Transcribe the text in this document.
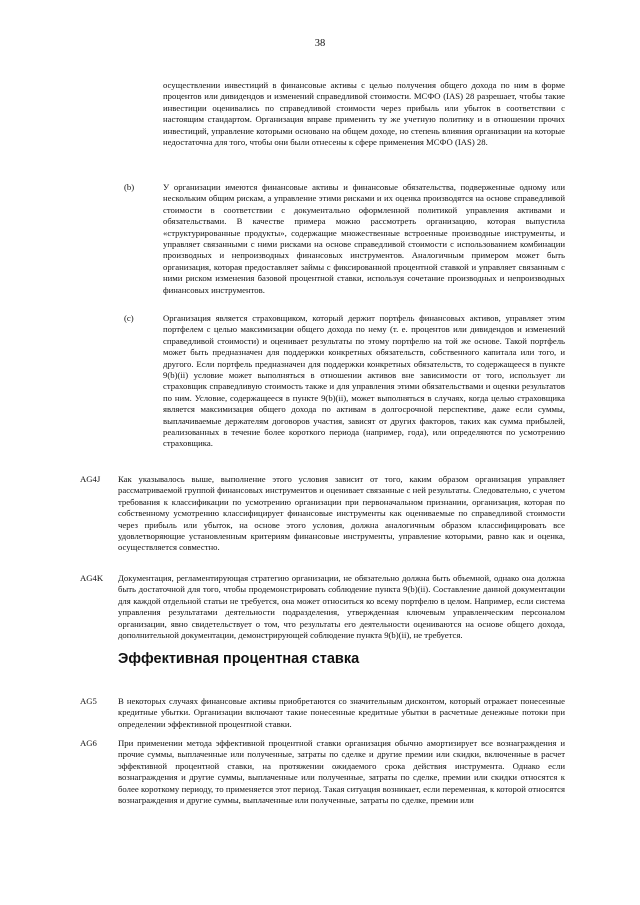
38

осуществлении инвестиций в финансовые активы с целью получения общего дохода по ним в форме процентов или дивидендов и изменений справедливой стоимости. МСФО (IAS) 28 разрешает, чтобы такие инвестиции оценивались по справедливой стоимости через прибыль или убыток в соответствии с настоящим стандартом. Организация вправе применить ту же учетную политику и в отношении прочих инвестиций, управление которыми основано на общем доходе, но степень влияния организации на которые недостаточна для того, чтобы они были отнесены к сфере применения МСФО (IAS) 28.

(b)	У организации имеются финансовые активы и финансовые обязательства, подверженные одному или нескольким общим рискам, а управление этими рисками и их оценка производятся на основе справедливой стоимости в соответствии с документально оформленной политикой управления активами и обязательствами. В качестве примера можно рассмотреть организацию, которая выпустила «структурированные продукты», содержащие множественные встроенные производные инструменты, и управляет связанными с ними рисками на основе справедливой стоимости с использованием комбинации производных и непроизводных финансовых инструментов. Аналогичным примером может быть организация, которая предоставляет займы с фиксированной процентной ставкой и управляет связанным с ними риском изменения базовой процентной ставки, используя сочетание производных и непроизводных финансовых инструментов.

(c)	Организация является страховщиком, который держит портфель финансовых активов, управляет этим портфелем с целью максимизации общего дохода по нему (т. е. процентов или дивидендов и изменений справедливой стоимости) и оценивает результаты по этому портфелю на той же основе. Такой портфель может быть предназначен для поддержки конкретных обязательств, собственного капитала или того, и другого. Если портфель предназначен для поддержки конкретных обязательств, то содержащееся в пункте 9(b)(ii) условие может выполняться в отношении активов вне зависимости от того, использует ли страховщик справедливую стоимость также и для управления этими обязательствами и оценки результатов по ним. Условие, содержащееся в пункте 9(b)(ii), может выполняться в случаях, когда целью страховщика является максимизация общего дохода по активам в долгосрочной перспективе, даже если суммы, выплачиваемые держателям договоров участия, зависят от других факторов, таких как сумма прибылей, реализованных в течение более короткого периода (например, года), или определяются по усмотрению страховщика.

AG4J Как указывалось выше, выполнение этого условия зависит от того, каким образом организация управляет рассматриваемой группой финансовых инструментов и оценивает связанные с ней результаты. Следовательно, с учетом требования к классификации по усмотрению организации при первоначальном признании, организация, которая по собственному усмотрению классифицирует финансовые инструменты как оцениваемые по справедливой стоимости через прибыль или убыток, на основе этого условия, должна аналогичным образом классифицировать все удовлетворяющие установленным критериям финансовые инструменты, управление которыми, равно как и оценка, осуществляется совместно.

AG4K Документация, регламентирующая стратегию организации, не обязательно должна быть объемной, однако она должна быть достаточной для того, чтобы продемонстрировать соблюдение пункта 9(b)(ii). Составление данной документации для каждой отдельной статьи не требуется, она может относиться ко всему портфелю в целом. Например, если система управления результатами деятельности подразделения, утвержденная ключевым управленческим персоналом организации, явно свидетельствует о том, что результаты его деятельности оцениваются на основе общего дохода, дополнительной документации, демонстрирующей соблюдение пункта 9(b)(ii), не требуется.

Эффективная процентная ставка
AG5 В некоторых случаях финансовые активы приобретаются со значительным дисконтом, который отражает понесенные кредитные убытки. Организации включают такие понесенные кредитные убытки в расчетные денежные потоки при определении эффективной процентной ставки.

AG6 При применении метода эффективной процентной ставки организация обычно амортизирует все вознаграждения и прочие суммы, выплаченные или полученные, затраты по сделке и другие премии или скидки, включенные в расчет эффективной процентной ставки, на протяжении ожидаемого срока действия инструмента. Однако если вознаграждения и другие суммы, выплаченные или полученные, затраты по сделке, премии или скидки относятся к более короткому периоду, то применяется этот период. Такая ситуация возникает, если переменная, к которой относятся вознаграждения и другие суммы, выплаченные или полученные, затраты по сделке, премии или
